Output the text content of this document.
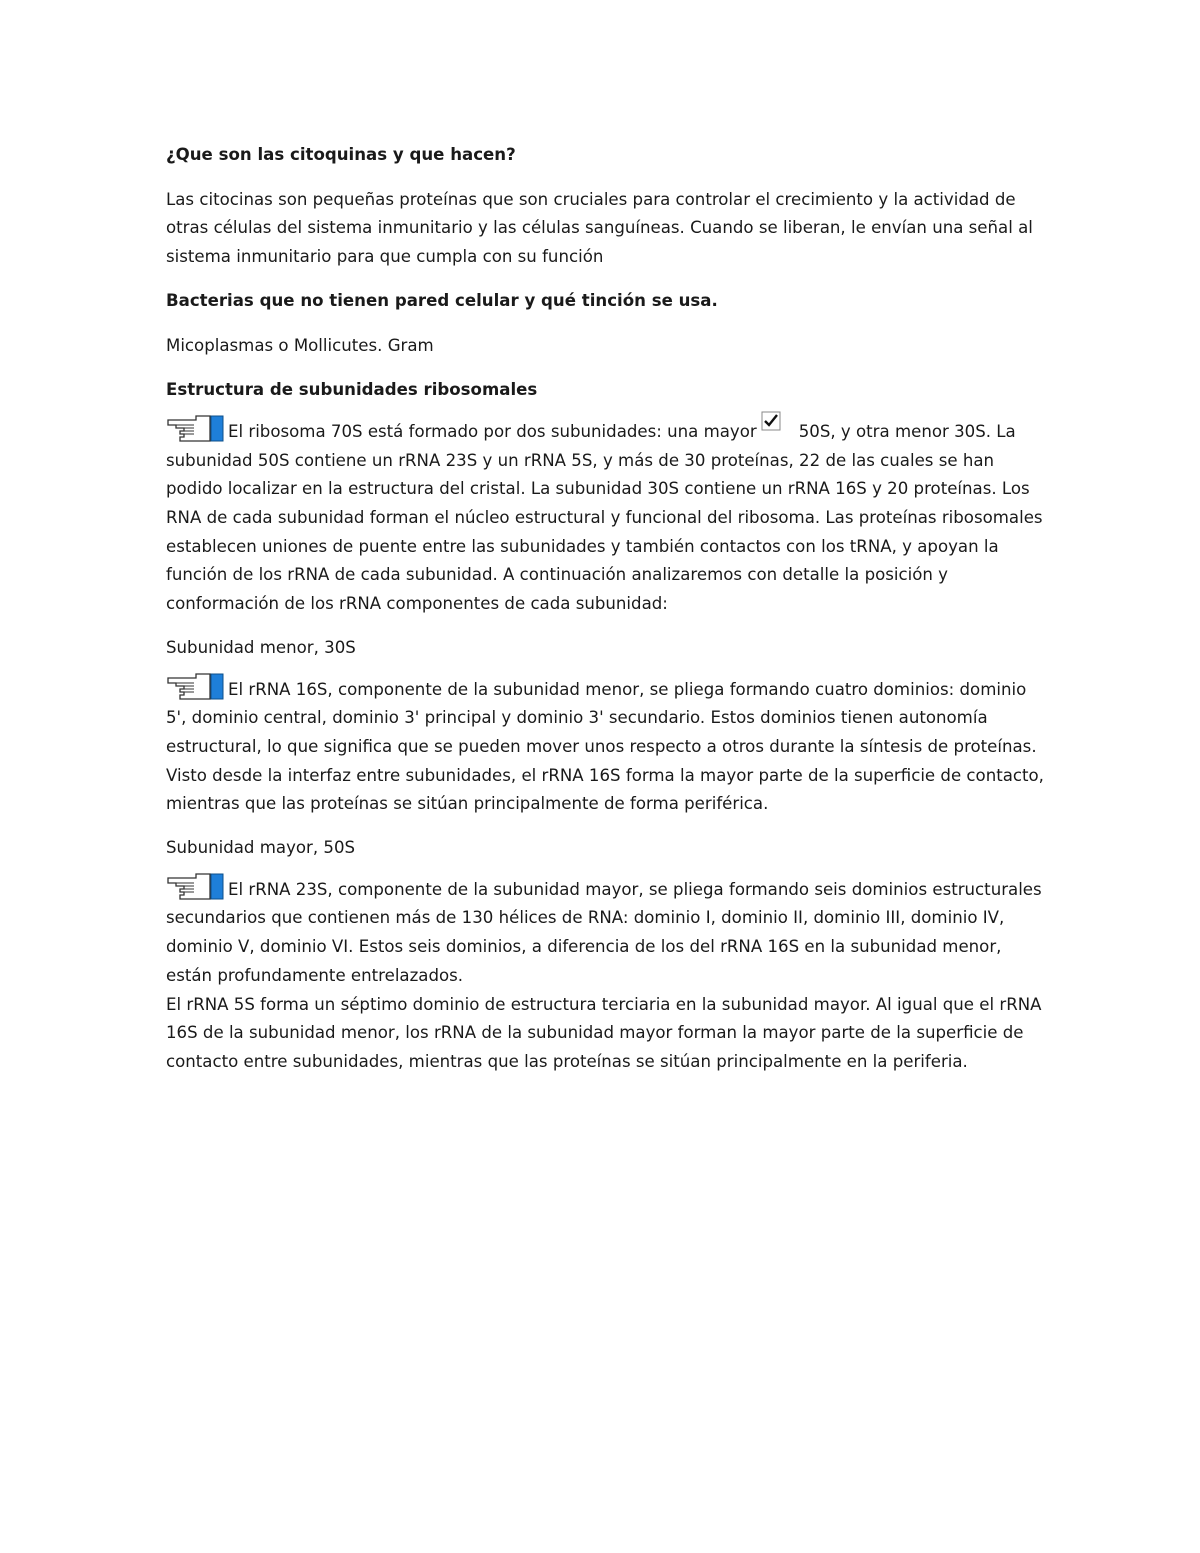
¿Que son las citoquinas y que hacen?

Las citocinas son pequeñas proteínas que son cruciales para controlar el crecimiento y la actividad de otras células del sistema inmunitario y las células sanguíneas. Cuando se liberan, le envían una señal al sistema inmunitario para que cumpla con su función

Bacterias que no tienen pared celular y qué tinción se usa.

Micoplasmas o Mollicutes. Gram

Estructura de subunidades ribosomales

El ribosoma 70S está formado por dos subunidades: una mayor	50S, y otra menor 30S. La subunidad 50S contiene un rRNA 23S y un rRNA 5S, y más de 30 proteínas, 22 de las cuales se han podido localizar en la estructura del cristal. La subunidad 30S contiene un rRNA 16S y 20 proteínas. Los RNA de cada subunidad forman el núcleo estructural y funcional del ribosoma. Las proteínas ribosomales establecen uniones de puente entre las subunidades y también contactos con los tRNA, y apoyan la función de los rRNA de cada subunidad. A continuación analizaremos con detalle la posición y conformación de los rRNA componentes de cada subunidad:

Subunidad menor, 30S

El rRNA 16S, componente de la subunidad menor, se pliega formando cuatro dominios: dominio 5', dominio central, dominio 3' principal y dominio 3' secundario. Estos dominios tienen autonomía estructural, lo que significa que se pueden mover unos respecto a otros durante la síntesis de proteínas. Visto desde la interfaz entre subunidades, el rRNA 16S forma la mayor parte de la superficie de contacto, mientras que las proteínas se sitúan principalmente de forma periférica.

Subunidad mayor, 50S

El rRNA 23S, componente de la subunidad mayor, se pliega formando seis dominios estructurales secundarios que contienen más de 130 hélices de RNA: dominio I, dominio II, dominio III, dominio IV, dominio V, dominio VI. Estos seis dominios, a diferencia de los del rRNA 16S en la subunidad menor, están profundamente entrelazados.

El rRNA 5S forma un séptimo dominio de estructura terciaria en la subunidad mayor. Al igual que el rRNA 16S de la subunidad menor, los rRNA de la subunidad mayor forman la mayor parte de la superficie de contacto entre subunidades, mientras que las proteínas se sitúan principalmente en la periferia.
